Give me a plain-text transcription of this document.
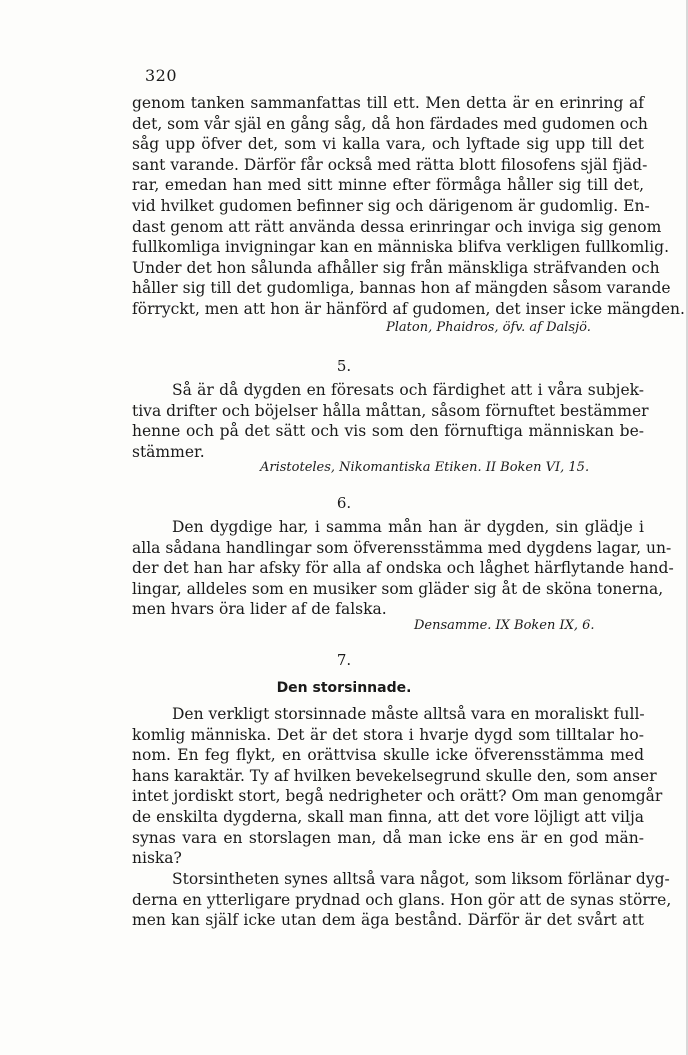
320
genom tanken sammanfattas till ett. Men detta är en erinring af
det, som vår själ en gång såg, då hon färdades med gudomen och
såg upp öfver det, som vi kalla vara, och lyftade sig upp till det
sant varande. Därför får också med rätta blott filosofens själ fjäd-
rar, emedan han med sitt minne efter förmåga håller sig till det,
vid hvilket gudomen befinner sig och därigenom är gudomlig. En-
dast genom att rätt använda dessa erinringar och inviga sig genom
fullkomliga invigningar kan en människa blifva verkligen fullkomlig.
Under det hon sålunda afhåller sig från mänskliga sträfvanden och
håller sig till det gudomliga, bannas hon af mängden såsom varande
förryckt, men att hon är hänförd af gudomen, det inser icke mängden.
Platon, Phaidros, öfv. af Dalsjö.
5.
Så är då dygden en föresats och färdighet att i våra subjek-
tiva drifter och böjelser hålla måttan, såsom förnuftet bestämmer
henne och på det sätt och vis som den förnuftiga människan be-
stämmer.
Aristoteles, Nikomantiska Etiken. II Boken VI, 15.
6.
Den dygdige har, i samma mån han är dygden, sin glädje i
alla sådana handlingar som öfverensstämma med dygdens lagar, un-
der det han har afsky för alla af ondska och låghet härflytande hand-
lingar, alldeles som en musiker som gläder sig åt de sköna tonerna,
men hvars öra lider af de falska.
Densamme. IX Boken IX, 6.
7.
Den storsinnade.
Den verkligt storsinnade måste alltså vara en moraliskt full-
komlig människa. Det är det stora i hvarje dygd som tilltalar ho-
nom. En feg flykt, en orättvisa skulle icke öfverensstämma med
hans karaktär. Ty af hvilken bevekelsegrund skulle den, som anser
intet jordiskt stort, begå nedrigheter och orätt? Om man genomgår
de enskilta dygderna, skall man finna, att det vore löjligt att vilja
synas vara en storslagen man, då man icke ens är en god män-
niska?
Storsintheten synes alltså vara något, som liksom förlänar dyg-
derna en ytterligare prydnad och glans. Hon gör att de synas större,
men kan själf icke utan dem äga bestånd. Därför är det svårt att
